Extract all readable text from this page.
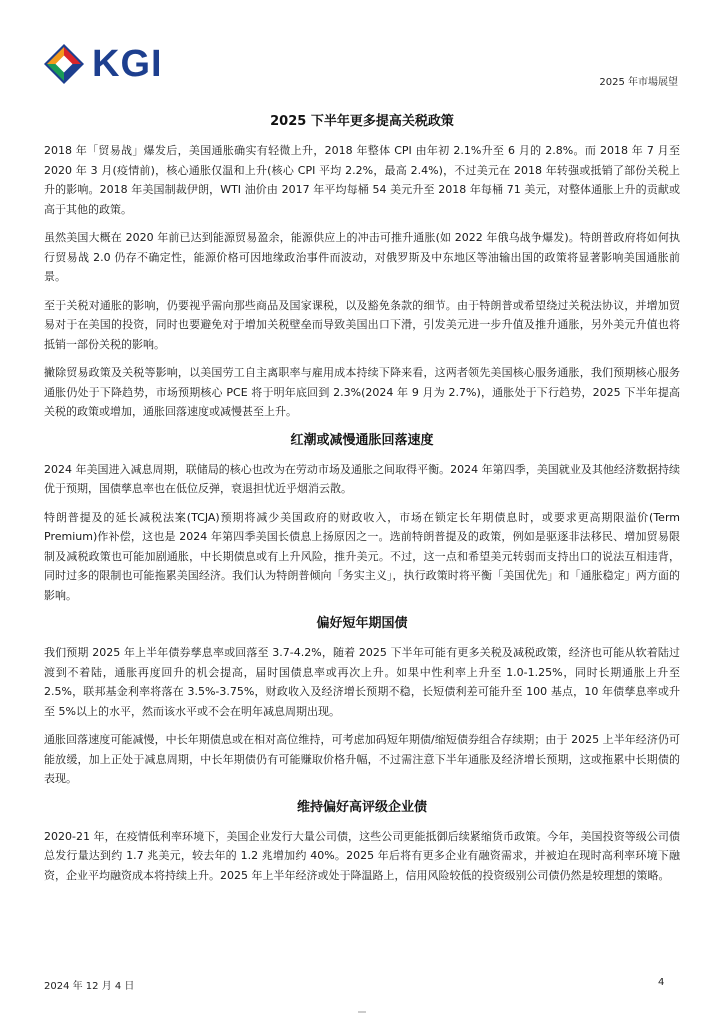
KGI	2025 年市場展望
2025 下半年更多提高关税政策

2018 年「贸易战」爆发后，美国通胀确实有轻微上升，2018 年整体 CPI 由年初 2.1%升至 6 月的 2.8%。而 2018 年 7 月至 2020 年 3 月(疫情前)，核心通胀仅温和上升(核心 CPI 平均 2.2%，最高 2.4%)，不过美元在 2018 年转强或抵销了部份关税上升的影响。2018 年美国制裁伊朗，WTI 油价由 2017 年平均每桶 54 美元升至 2018 年每桶 71 美元，对整体通胀上升的贡献或高于其他的政策。

虽然美国大概在 2020 年前已达到能源贸易盈余，能源供应上的冲击可推升通胀(如 2022 年俄乌战争爆发)。特朗普政府将如何执行贸易战 2.0 仍存不确定性，能源价格可因地缘政治事件而波动，对俄罗斯及中东地区等油输出国的政策将显著影响美国通胀前景。

至于关税对通胀的影响，仍要视乎需向那些商品及国家课税，以及豁免条款的细节。由于特朗普或希望绕过关税法协议，并增加贸易对于在美国的投资，同时也要避免对于增加关税壁垒而导致美国出口下滑，引发美元进一步升值及推升通胀，另外美元升值也将抵销一部份关税的影响。

撇除贸易政策及关税等影响，以美国劳工自主离职率与雇用成本持续下降来看，这两者领先美国核心服务通胀，我们预期核心服务通胀仍处于下降趋势，市场预期核心 PCE 将于明年底回到 2.3%(2024 年 9 月为 2.7%)，通胀处于下行趋势，2025 下半年提高关税的政策或增加，通胀回落速度或减慢甚至上升。

红潮或减慢通胀回落速度

2024 年美国进入减息周期，联储局的核心也改为在劳动市场及通胀之间取得平衡。2024 年第四季，美国就业及其他经济数据持续优于预期，国债孳息率也在低位反弹，衰退担忧近乎烟消云散。

特朗普提及的延长减税法案(TCJA)预期将减少美国政府的财政收入，市场在锁定长年期债息时，或要求更高期限溢价(Term Premium)作补偿，这也是 2024 年第四季美国长债息上扬原因之一。选前特朗普提及的政策，例如是驱逐非法移民、增加贸易限制及减税政策也可能加剧通胀，中长期债息或有上升风险，推升美元。不过，这一点和希望美元转弱而支持出口的说法互相违背，同时过多的限制也可能拖累美国经济。我们认为特朗普倾向「务实主义」，执行政策时将平衡「美国优先」和「通胀稳定」两方面的影响。

偏好短年期国债

我们预期 2025 年上半年债券孳息率或回落至 3.7-4.2%，随着 2025 下半年可能有更多关税及减税政策，经济也可能从软着陆过渡到不着陆，通胀再度回升的机会提高，届时国债息率或再次上升。如果中性利率上升至 1.0-1.25%，同时长期通胀上升至 2.5%，联邦基金利率将落在 3.5%-3.75%，财政收入及经济增长预期不稳，长短债利差可能升至 100 基点，10 年债孳息率或升至 5%以上的水平，然而该水平或不会在明年减息周期出现。

通胀回落速度可能减慢，中长年期债息或在相对高位维持，可考虑加码短年期债/缩短债券组合存续期；由于 2025 上半年经济仍可能放缓，加上正处于减息周期，中长年期债仍有可能赚取价格升幅，不过需注意下半年通胀及经济增长预期，这或拖累中长期债的表现。

维持偏好高评级企业债

2020-21 年，在疫情低利率环境下，美国企业发行大量公司债，这些公司更能抵御后续紧缩货币政策。今年，美国投资等级公司债总发行量达到约 1.7 兆美元，较去年的 1.2 兆增加约 40%。2025 年后将有更多企业有融资需求，并被迫在现时高利率环境下融资，企业平均融资成本将持续上升。2025 年上半年经济或处于降温路上，信用风险较低的投资级别公司债仍然是较理想的策略。

2024 年 12 月 4 日	4
